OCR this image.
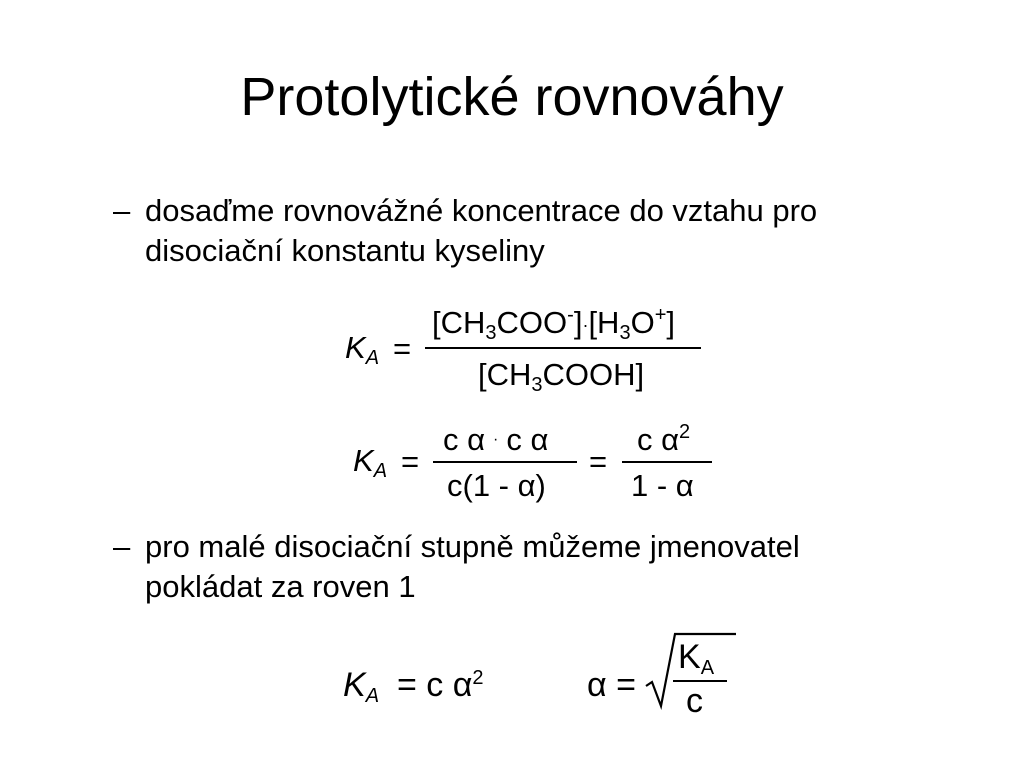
Protolytické rovnováhy
– dosaďme rovnovážné koncentrace do vztahu pro
disociační konstantu kyseliny
$K_A$ =
$[CH_3COO^-]\cdot[H_3O^+]$
$[CH_3COOH]$
$K_A$ =
c α · c α
c(1 - α)
=
c $\alpha^2$
1 - α
– pro malé disociační stupně můžeme jmenovatel
pokládat za roven 1
$K_A = c$ $\alpha^2$	α =
$K_A$
c
